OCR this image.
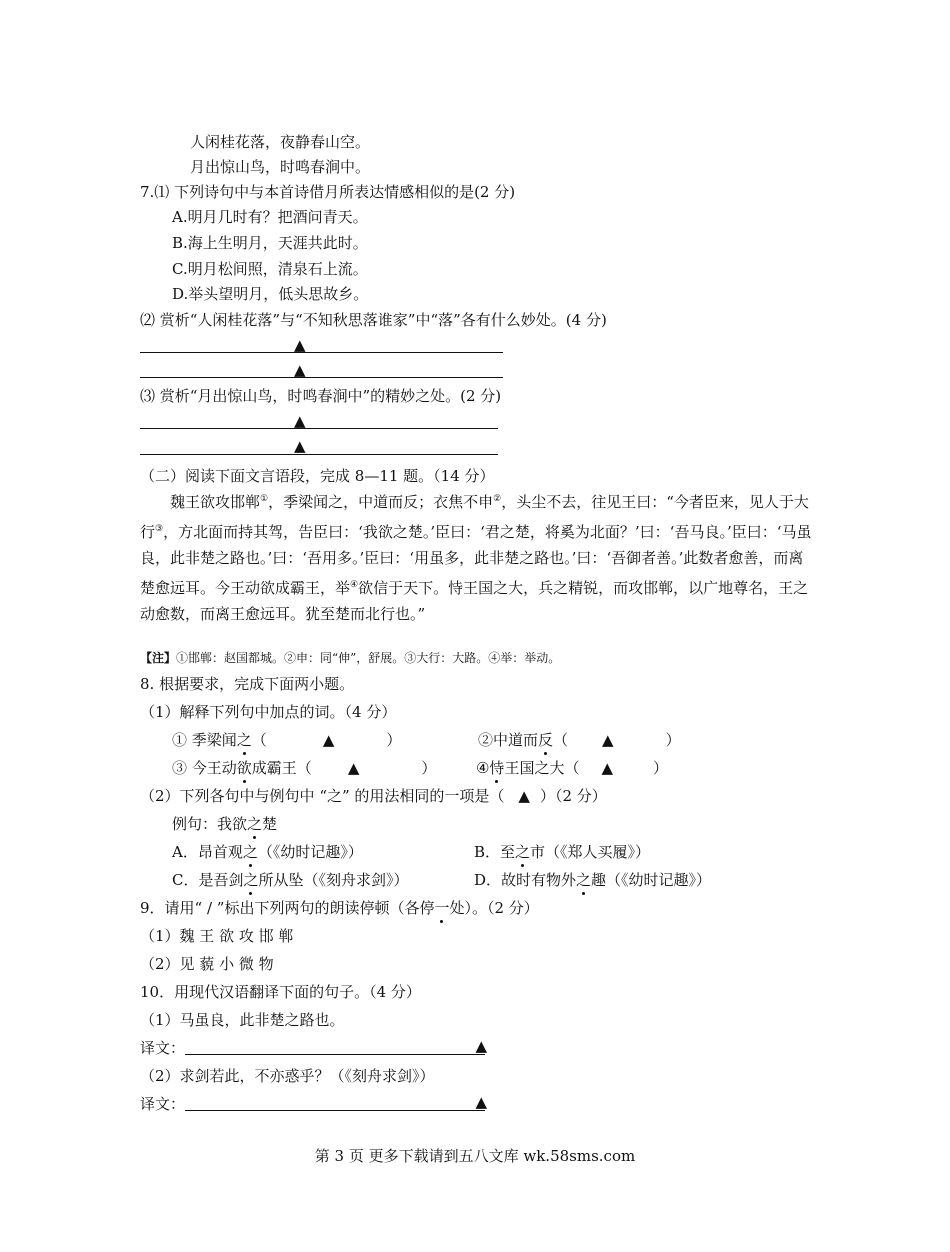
人闲桂花落，夜静春山空。
月出惊山鸟，时鸣春涧中。
7.⑴ 下列诗句中与本首诗借月所表达情感相似的是(2 分)
A.明月几时有？把酒问青天。
B.海上生明月，天涯共此时。
C.明月松间照，清泉石上流。
D.举头望明月，低头思故乡。
⑵ 赏析“人闲桂花落”与“不知秋思落谁家”中“落”各有什么妙处。(4 分)
▲
▲
⑶ 赏析“月出惊山鸟，时鸣春涧中”的精妙之处。(2 分)
▲
▲
（二）阅读下面文言语段，完成 8—11 题。（14 分）
魏王欲攻邯郸①，季梁闻之，中道而反；衣焦不申②，头尘不去，往见王曰：“今者臣来，见人于大行③，方北面而持其驾，告臣曰：‘我欲之楚。’臣曰：‘君之楚，将奚为北面？’曰：‘吾马良。’臣曰：‘马虽良，此非楚之路也。’曰：‘吾用多。’臣曰：‘用虽多，此非楚之路也。’曰：‘吾御者善。’此数者愈善，而离楚愈远耳。今王动欲成霸王，举④欲信于天下。恃王国之大，兵之精锐，而攻邯郸，以广地尊名，王之动愈数，而离王愈远耳。犹至楚而北行也。”
【注】①邯郸：赵国都城。②申：同“伸”，舒展。③大行：大路。④举：举动。
8. 根据要求，完成下面两小题。
（1）解释下列句中加点的词。（4 分）
① 季梁闻之（	▲	）	②中道而反（ ▲	）
③ 今王动欲成霸王（ ▲	）	④恃王国之大（ ▲	）
（2）下列各句中与例句中 “之” 的用法相同的一项是（ ▲ ）（2 分）
例句：我欲之楚
A．昂首观之（《幼时记趣》）	B．至之市（《郑人买履》）
C．是吾剑之所从坠（《刻舟求剑》）	D．故时有物外之趣（《幼时记趣》）
9．请用“ / ”标出下列两句的朗读停顿（各停一处）。（2 分）
（1）魏 王 欲 攻 邯 郸
（2）见 藐 小 微 物
10．用现代汉语翻译下面的句子。（4 分）
（1）马虽良，此非楚之路也。
译文：	▲
（2）求剑若此，不亦惑乎？（《刻舟求剑》）
译文：	▲
第 3 页 更多下载请到五八文库 wk.58sms.com
